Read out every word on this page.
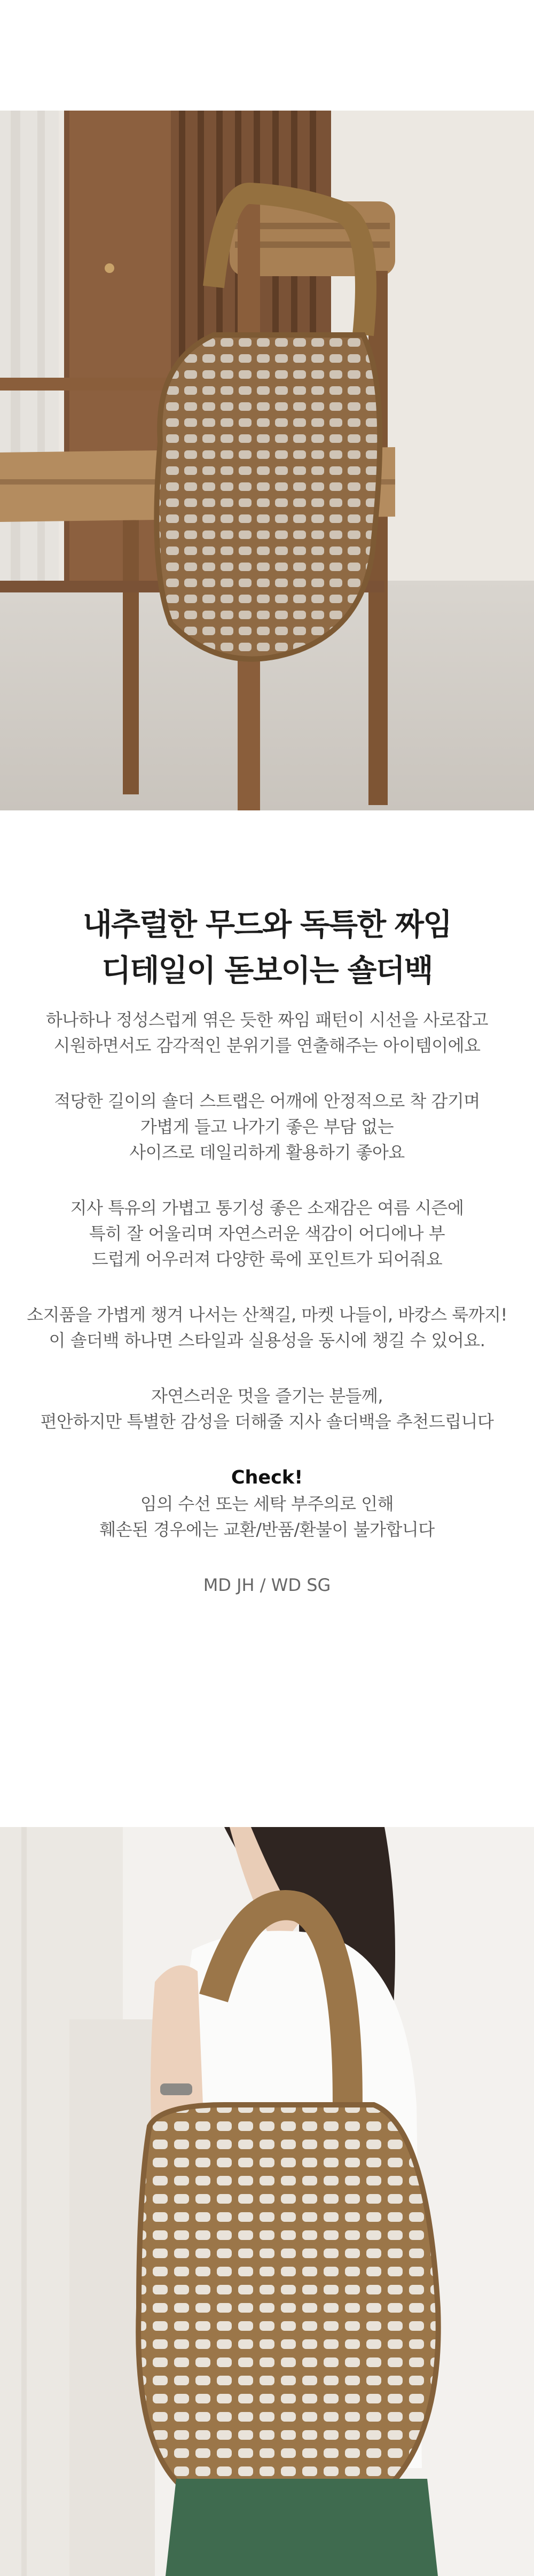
내추럴한 무드와 독특한 짜임
디테일이 돋보이는 숄더백
하나하나 정성스럽게 엮은 듯한 짜임 패턴이 시선을 사로잡고
시원하면서도 감각적인 분위기를 연출해주는 아이템이에요
적당한 길이의 숄더 스트랩은 어깨에 안정적으로 착 감기며
가볍게 들고 나가기 좋은 부담 없는
사이즈로 데일리하게 활용하기 좋아요
지사 특유의 가볍고 통기성 좋은 소재감은 여름 시즌에
특히 잘 어울리며 자연스러운 색감이 어디에나 부
드럽게 어우러져 다양한 룩에 포인트가 되어줘요
소지품을 가볍게 챙겨 나서는 산책길, 마켓 나들이, 바캉스 룩까지!
이 숄더백 하나면 스타일과 실용성을 동시에 챙길 수 있어요.
자연스러운 멋을 즐기는 분들께,
편안하지만 특별한 감성을 더해줄 지사 숄더백을 추천드립니다
Check!
임의 수선 또는 세탁 부주의로 인해
훼손된 경우에는 교환/반품/환불이 불가합니다
MD JH / WD SG
